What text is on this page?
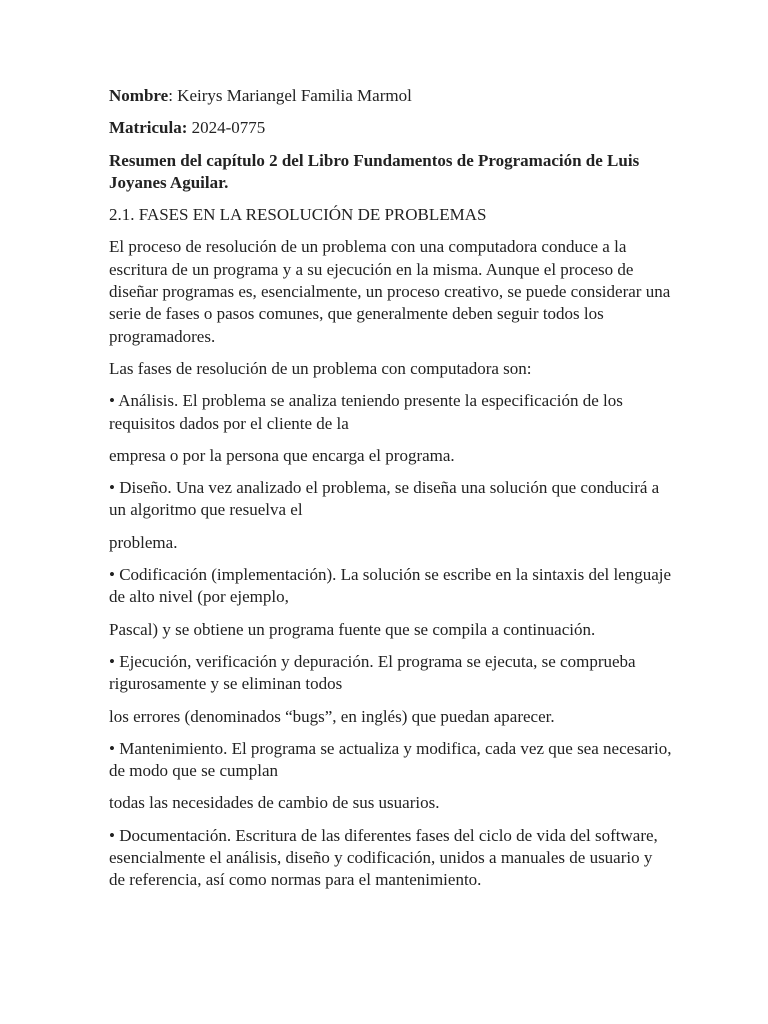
Nombre: Keirys Mariangel Familia Marmol

Matricula: 2024-0775

Resumen del capítulo 2 del Libro Fundamentos de Programación de Luis Joyanes Aguilar.

2.1. FASES EN LA RESOLUCIÓN DE PROBLEMAS

El proceso de resolución de un problema con una computadora conduce a la escritura de un programa y a su ejecución en la misma. Aunque el proceso de diseñar programas es, esencialmente, un proceso creativo, se puede considerar una serie de fases o pasos comunes, que generalmente deben seguir todos los programadores.

Las fases de resolución de un problema con computadora son:

• Análisis. El problema se analiza teniendo presente la especificación de los requisitos dados por el cliente de la

empresa o por la persona que encarga el programa.

• Diseño. Una vez analizado el problema, se diseña una solución que conducirá a un algoritmo que resuelva el

problema.

• Codificación (implementación). La solución se escribe en la sintaxis del lenguaje de alto nivel (por ejemplo,

Pascal) y se obtiene un programa fuente que se compila a continuación.

• Ejecución, verificación y depuración. El programa se ejecuta, se comprueba rigurosamente y se eliminan todos

los errores (denominados “bugs”, en inglés) que puedan aparecer.

• Mantenimiento. El programa se actualiza y modifica, cada vez que sea necesario, de modo que se cumplan

todas las necesidades de cambio de sus usuarios.

• Documentación. Escritura de las diferentes fases del ciclo de vida del software, esencialmente el análisis, diseño y codificación, unidos a manuales de usuario y de referencia, así como normas para el mantenimiento.
